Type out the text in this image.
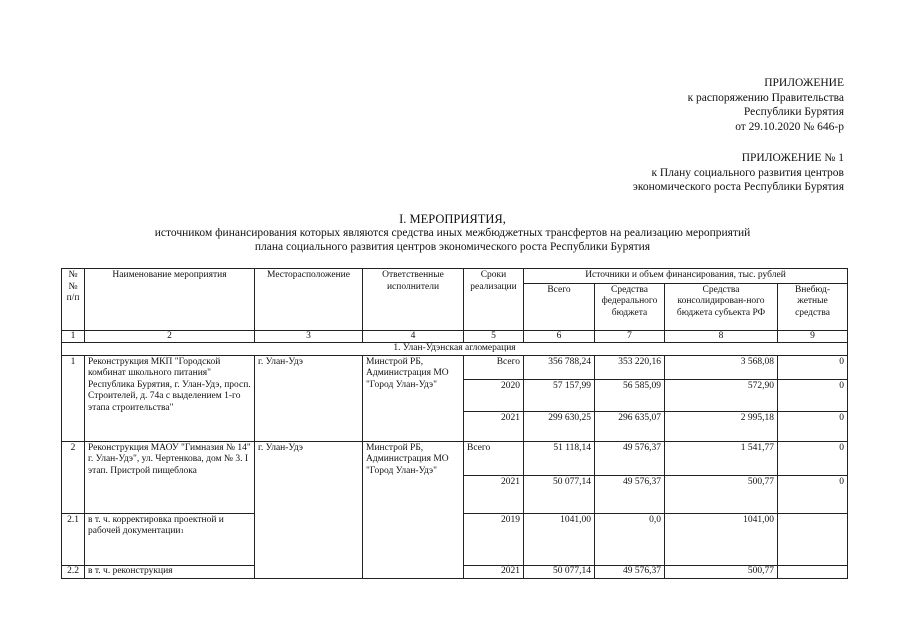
ПРИЛОЖЕНИЕ
к распоряжению Правительства
Республики Бурятия
от 29.10.2020 № 646-р
ПРИЛОЖЕНИЕ № 1
к Плану социального развития центров
экономического роста Республики Бурятия
I. МЕРОПРИЯТИЯ,
источником финансирования которых являются средства иных межбюджетных трансфертов на реализацию мероприятий
плана социального развития центров экономического роста Республики Бурятия
№№ п/п	Наименование мероприятия	Месторасположение	Ответственные исполнители	Сроки реализации	Источники и объем финансирования, тыс. рублей			
					Всего	Средства федерального бюджета	Средства консолидирован-ного бюджета субъекта РФ	Внебюд-жетные средства
1	2	3	4	5	6	7	8	9
1. Улан-Удэнская агломерация								
1	Реконструкция МКП "Городской комбинат школьного питания" Республика Бурятия, г. Улан-Удэ, просп. Строителей, д. 74а с выделением 1-го этапа строительства"	г. Улан-Удэ	Минстрой РБ, Администрация МО "Город Улан-Удэ"	Всего	356 788,24	353 220,16	3 568,08	0
				2020	57 157,99	56 585,09	572,90	0
				2021	299 630,25	296 635,07	2 995,18	0
2	Реконструкция МАОУ "Гимназия № 14" г. Улан-Удэ", ул. Чертенкова, дом № 3. I этап. Пристрой пищеблока	г. Улан-Удэ	Минстрой РБ, Администрация МО "Город Улан-Удэ"	Всего	51 118,14	49 576,37	1 541,77	0
				2021	50 077,14	49 576,37	500,77	0
2.1	в т. ч. корректировка проектной и рабочей документации$^1$			2019	1041,00	0,0	1041,00	
2.2	в т. ч. реконструкция			2021	50 077,14	49 576,37	500,77	
